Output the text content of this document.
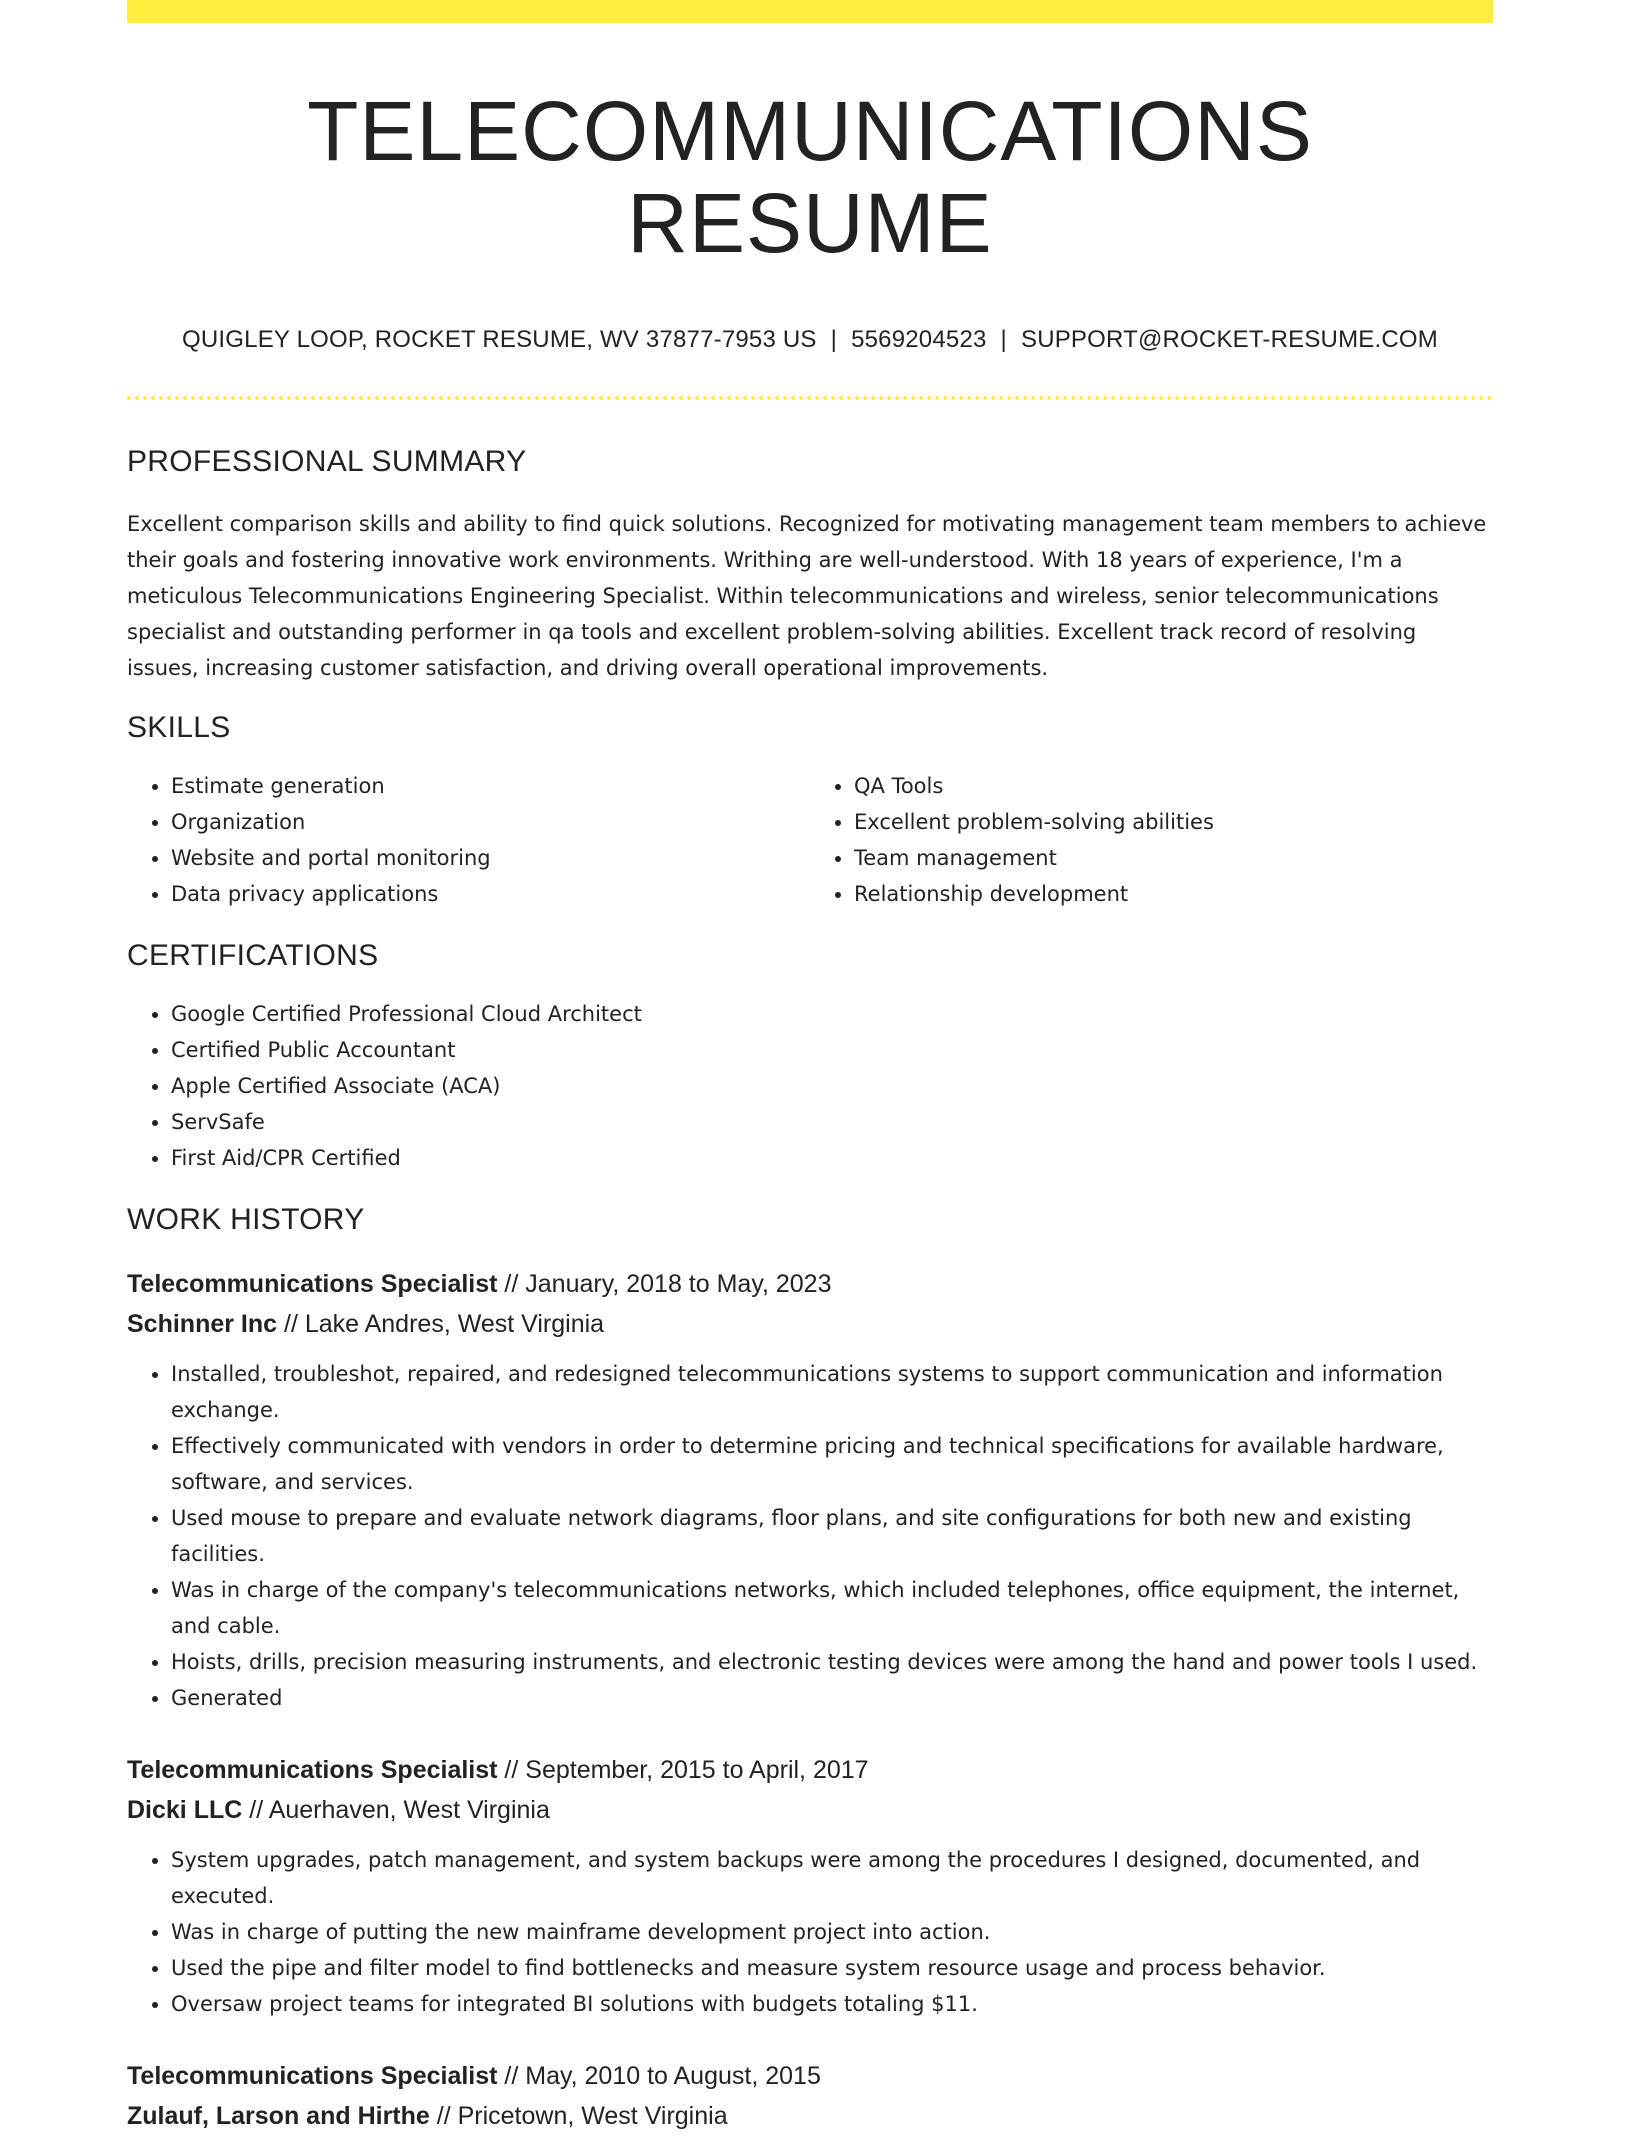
TELECOMMUNICATIONS RESUME
QUIGLEY LOOP, ROCKET RESUME, WV 37877-7953 US | 5569204523 | SUPPORT@ROCKET-RESUME.COM
PROFESSIONAL SUMMARY

Excellent comparison skills and ability to find quick solutions. Recognized for motivating management team members to achieve their goals and fostering innovative work environments. Writhing are well-understood. With 18 years of experience, I'm a meticulous Telecommunications Engineering Specialist. Within telecommunications and wireless, senior telecommunications specialist and outstanding performer in qa tools and excellent problem-solving abilities. Excellent track record of resolving issues, increasing customer satisfaction, and driving overall operational improvements.

SKILLS
• Estimate generation
• Organization
• Website and portal monitoring
• Data privacy applications
• QA Tools
• Excellent problem-solving abilities
• Team management
• Relationship development
CERTIFICATIONS
• Google Certified Professional Cloud Architect
• Certified Public Accountant
• Apple Certified Associate (ACA)
• ServSafe
• First Aid/CPR Certified
WORK HISTORY
Telecommunications Specialist // January, 2018 to May, 2023
Schinner Inc // Lake Andres, West Virginia
• Installed, troubleshot, repaired, and redesigned telecommunications systems to support communication and information exchange.
• Effectively communicated with vendors in order to determine pricing and technical specifications for available hardware, software, and services.
• Used mouse to prepare and evaluate network diagrams, floor plans, and site configurations for both new and existing facilities.
• Was in charge of the company's telecommunications networks, which included telephones, office equipment, the internet, and cable.
• Hoists, drills, precision measuring instruments, and electronic testing devices were among the hand and power tools I used.
• Generated
Telecommunications Specialist // September, 2015 to April, 2017
Dicki LLC // Auerhaven, West Virginia
• System upgrades, patch management, and system backups were among the procedures I designed, documented, and executed.
• Was in charge of putting the new mainframe development project into action.
• Used the pipe and filter model to find bottlenecks and measure system resource usage and process behavior.
• Oversaw project teams for integrated BI solutions with budgets totaling $11.
Telecommunications Specialist // May, 2010 to August, 2015
Zulauf, Larson and Hirthe // Pricetown, West Virginia
